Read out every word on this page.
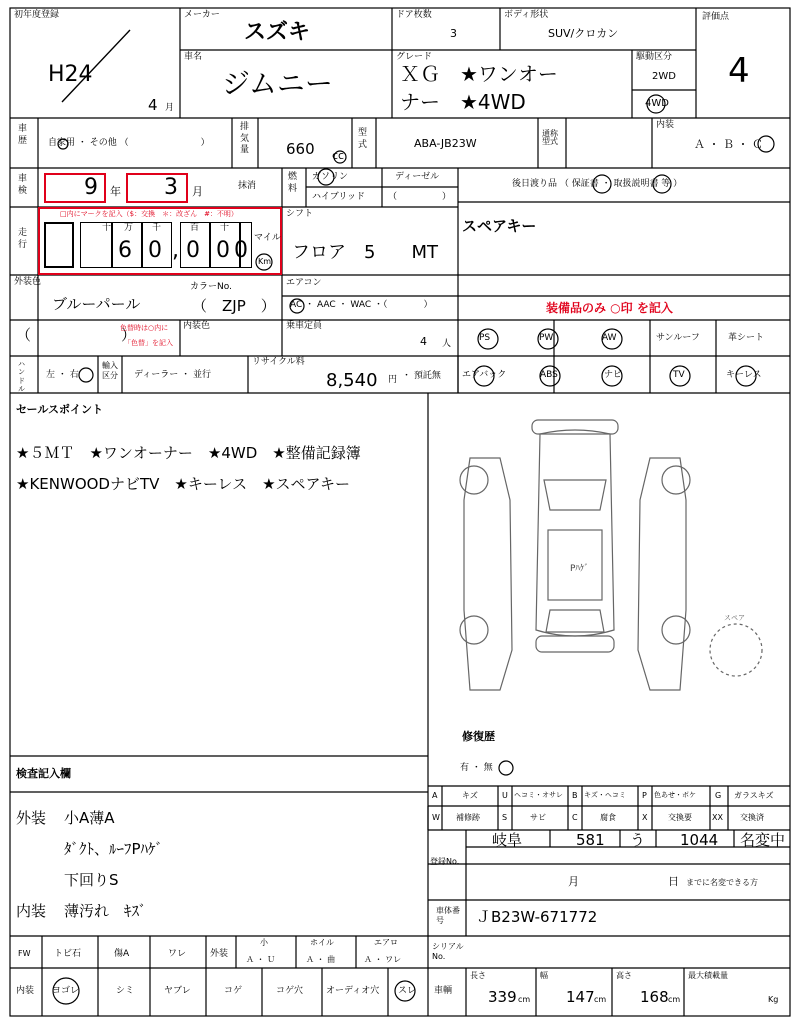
初年度登録
H24
4 月
メーカー
スズキ
ドア枚数
3
ボディ形状
SUV/クロカン
評価点
4
車名
ジムニー
グレード
ＸＧ　★ワンオー
ナー　★4WD
駆動区分
2WD
4WD
車歴	自家用 ・ その他 （　　　　　　　　）
排気量 660 cc
型式	ABA-JB23W
通称型式
内装
Ａ ・ Ｂ ・ Ｃ
車検	9 年 3 月	抹消
燃料
ガソリン	ディーゼル
ハイブリッド	（　　　　　）
後日渡り品 （ 保証書 ・ 取扱説明書 等 ）
走行
□内にマークを記入（$：交換　＊：改ざん　#：不明）
十 万 千	百 十
6 0 , 0 0 0 マイル
Km
シフト
フロア　5　　MT
スペアキー
外装色
ブルーパール
カラーNo.
（　ZJP　）
エアコン
AC ・ AAC ・ WAC ・（　　　　）	装備品のみ ○印 を記入
（　　　　　　）
色替時は○内に
「色替」を記入
内装色	乗車定員
4 人
PS	PW	AW	サンルーフ	革シート
エアバック	ABS	ナビ	TV	キーレス
ハンドル
左 ・ 右
輸入区分 ディーラー ・ 並行
リサイクル料
8,540 円 ・ 預託無
セールスポイント
★５ＭＴ　★ワンオーナー　★4WD　★整備記録簿
★KENWOODナビTV　★キーレス　★スペアキー
Pﾊｹﾞ
スペア
修復歴
有 ・ 無
検査記入欄
外装 小A薄A
ﾀﾞｸﾄ、ﾙｰﾌPﾊｹﾞ
下回りS
内装 薄汚れ　ｷｽﾞ
A	キズ	U ヘコミ・オサレ B キズ・ヘコミ P 色あせ・ボケ G ガラスキズ
W 補修跡	S	サビ	C	腐食	X	交換要	XX 交換済
登録No.
岐阜	581 う 1044 名変中
月	日 までに名変できる方
車体番号	ＪB23W-671772
FW	トビ石	傷A	ワレ	外装
小
Ａ ・ Ｕ
ホイル
Ａ ・ 曲
エアロ
Ａ ・ ワレ
シリアルNo.
内装 ヨゴレ	シミ	ヤブレ	コゲ	コゲ穴	オーディオ穴 スレ 車輌
長さ
339 cm
幅
147 cm
高さ
168 cm
最大積載量
Kg
